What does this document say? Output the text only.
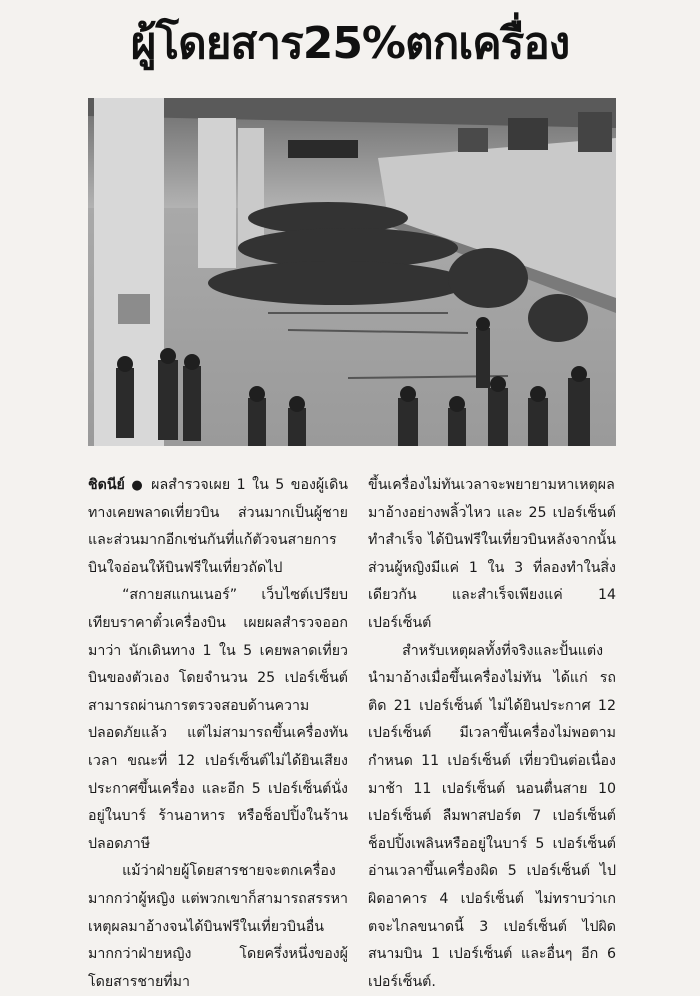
ผู้โดยสาร25%ตกเครื่อง

ชิดนีย์ ● ผลสำรวจเผย 1 ใน 5 ของผู้เดินทางเคยพลาดเที่ยวบิน ส่วนมากเป็นผู้ชาย และส่วนมากอีกเช่นกันที่แก้ตัวจนสายการบินใจอ่อนให้บินฟรีในเที่ยวถัดไป

“สกายสแกนเนอร์” เว็บไซต์เปรียบเทียบราคาตั๋วเครื่องบิน เผยผลสำรวจออกมาว่า นักเดินทาง 1 ใน 5 เคยพลาดเที่ยวบินของตัวเอง โดยจำนวน 25 เปอร์เซ็นต์สามารถผ่านการตรวจสอบด้านความปลอดภัยแล้ว แต่ไม่สามารถขึ้นเครื่องทันเวลา ขณะที่ 12 เปอร์เซ็นต์ไม่ได้ยินเสียงประกาศขึ้นเครื่อง และอีก 5 เปอร์เซ็นต์นั่งอยู่ในบาร์ ร้านอาหาร หรือช็อปปิ้งในร้านปลอดภาษี

แม้ว่าฝ่ายผู้โดยสารชายจะตกเครื่องมากกว่าผู้หญิง แต่พวกเขาก็สามารถสรรหาเหตุผลมาอ้างจนได้บินฟรีในเที่ยวบินอื่นมากกว่าฝ่ายหญิง โดยครึ่งหนึ่งของผู้โดยสารชายที่มา

ขึ้นเครื่องไม่ทันเวลาจะพยายามหาเหตุผลมาอ้างอย่างพลิ้วไหว และ 25 เปอร์เซ็นต์ทำสำเร็จ ได้บินฟรีในเที่ยวบินหลังจากนั้น ส่วนผู้หญิงมีแค่ 1 ใน 3 ที่ลองทำในสิ่งเดียวกัน และสำเร็จเพียงแค่ 14 เปอร์เซ็นต์

สำหรับเหตุผลทั้งที่จริงและปั้นแต่งนำมาอ้างเมื่อขึ้นเครื่องไม่ทัน ได้แก่ รถติด 21 เปอร์เซ็นต์ ไม่ได้ยินประกาศ 12 เปอร์เซ็นต์ มีเวลาขึ้นเครื่องไม่พอตามกำหนด 11 เปอร์เซ็นต์ เที่ยวบินต่อเนื่องมาช้า 11 เปอร์เซ็นต์ นอนตื่นสาย 10 เปอร์เซ็นต์ ลืมพาสปอร์ต 7 เปอร์เซ็นต์ ช็อปปิ้งเพลินหรืออยู่ในบาร์ 5 เปอร์เซ็นต์ อ่านเวลาขึ้นเครื่องผิด 5 เปอร์เซ็นต์ ไปผิดอาคาร 4 เปอร์เซ็นต์ ไม่ทราบว่าเกตจะไกลขนาดนี้ 3 เปอร์เซ็นต์ ไปผิดสนามบิน 1 เปอร์เซ็นต์ และอื่นๆ อีก 6 เปอร์เซ็นต์.
